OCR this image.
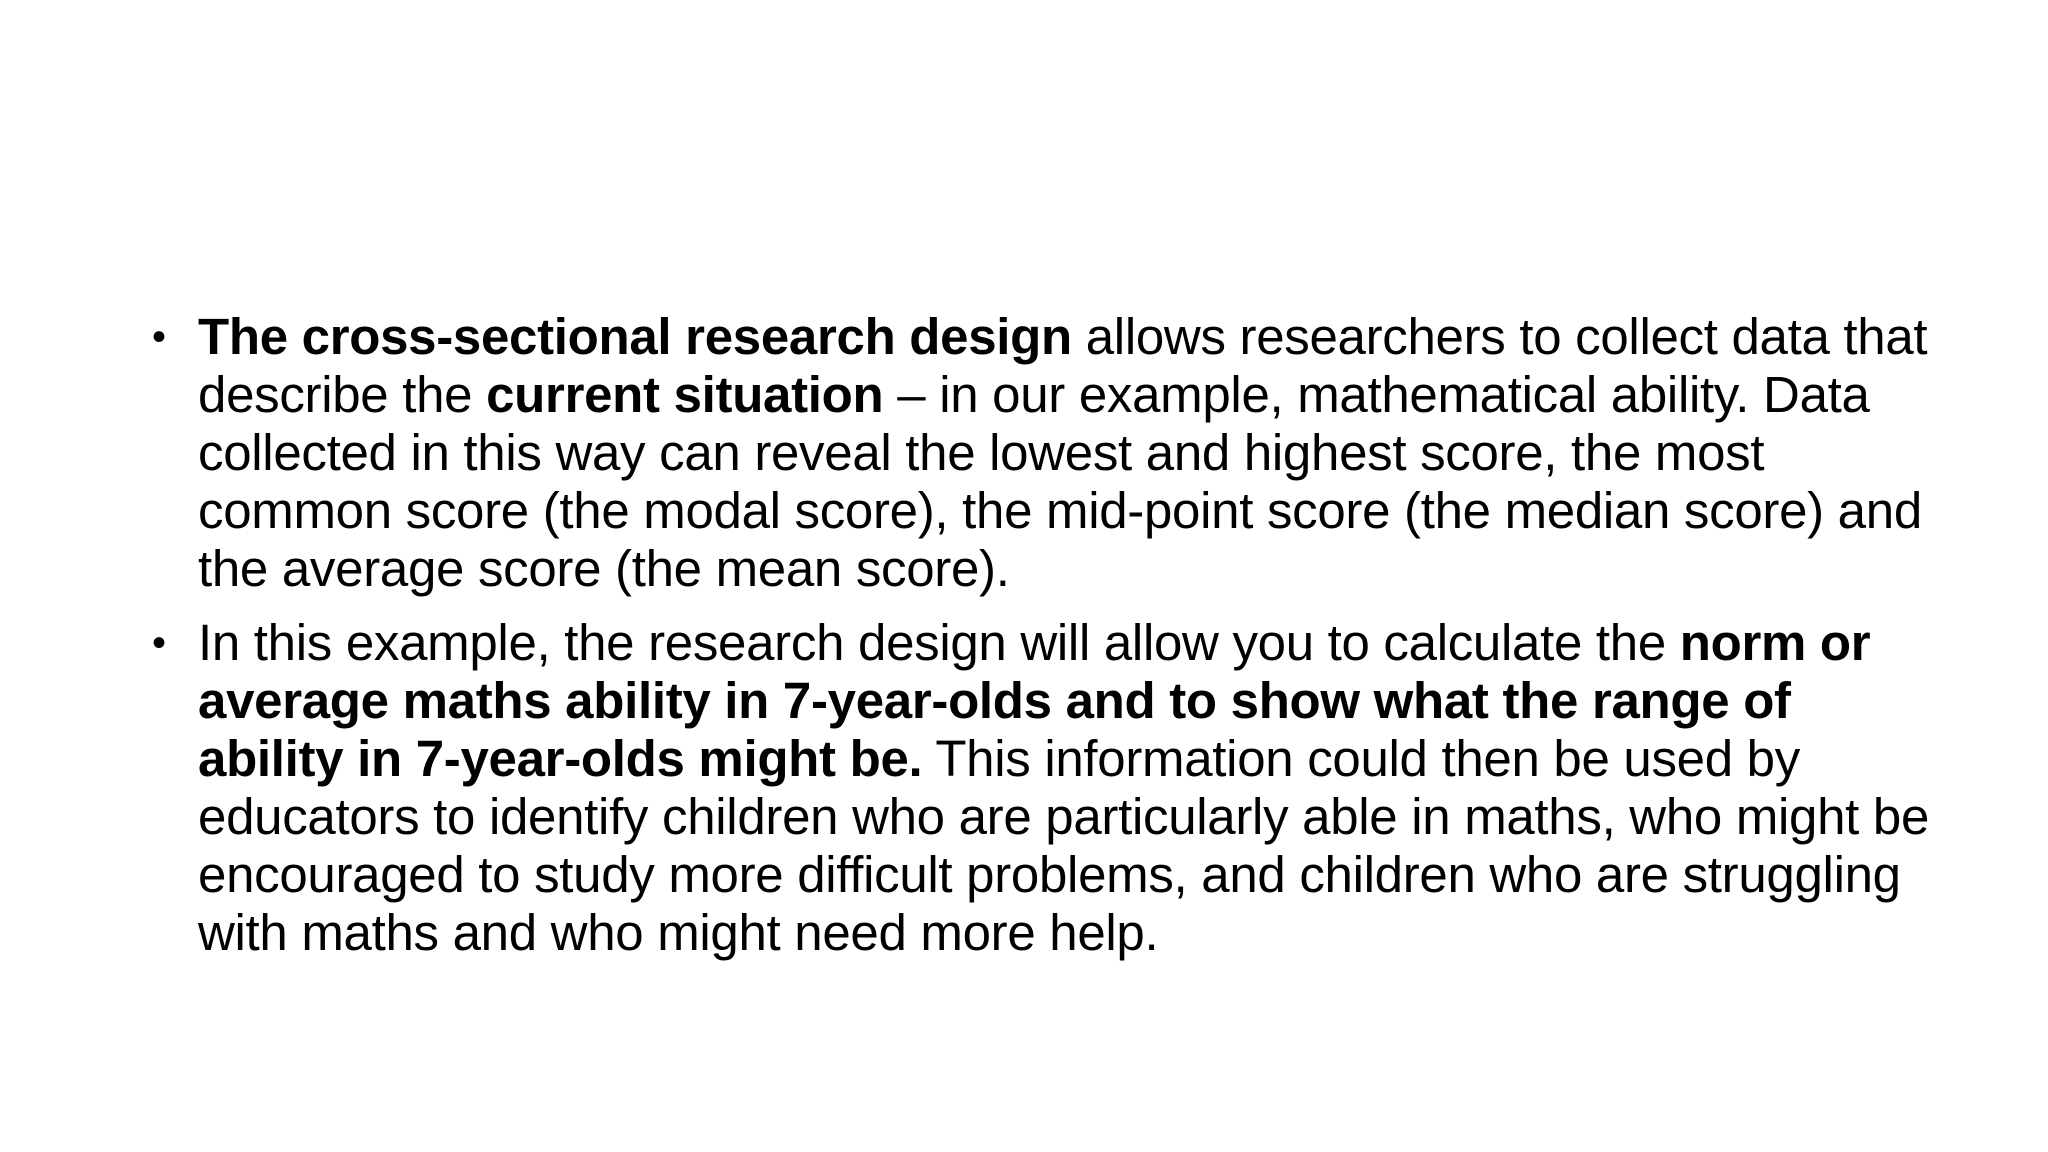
• The cross-sectional research design allows researchers to collect data that describe the current situation – in our example, mathematical ability. Data collected in this way can reveal the lowest and highest score, the most common score (the modal score), the mid-point score (the median score) and the average score (the mean score).
• In this example, the research design will allow you to calculate the norm or average maths ability in 7-year-olds and to show what the range of ability in 7-year-olds might be. This information could then be used by educators to identify children who are particularly able in maths, who might be encouraged to study more difficult problems, and children who are struggling with maths and who might need more help.
